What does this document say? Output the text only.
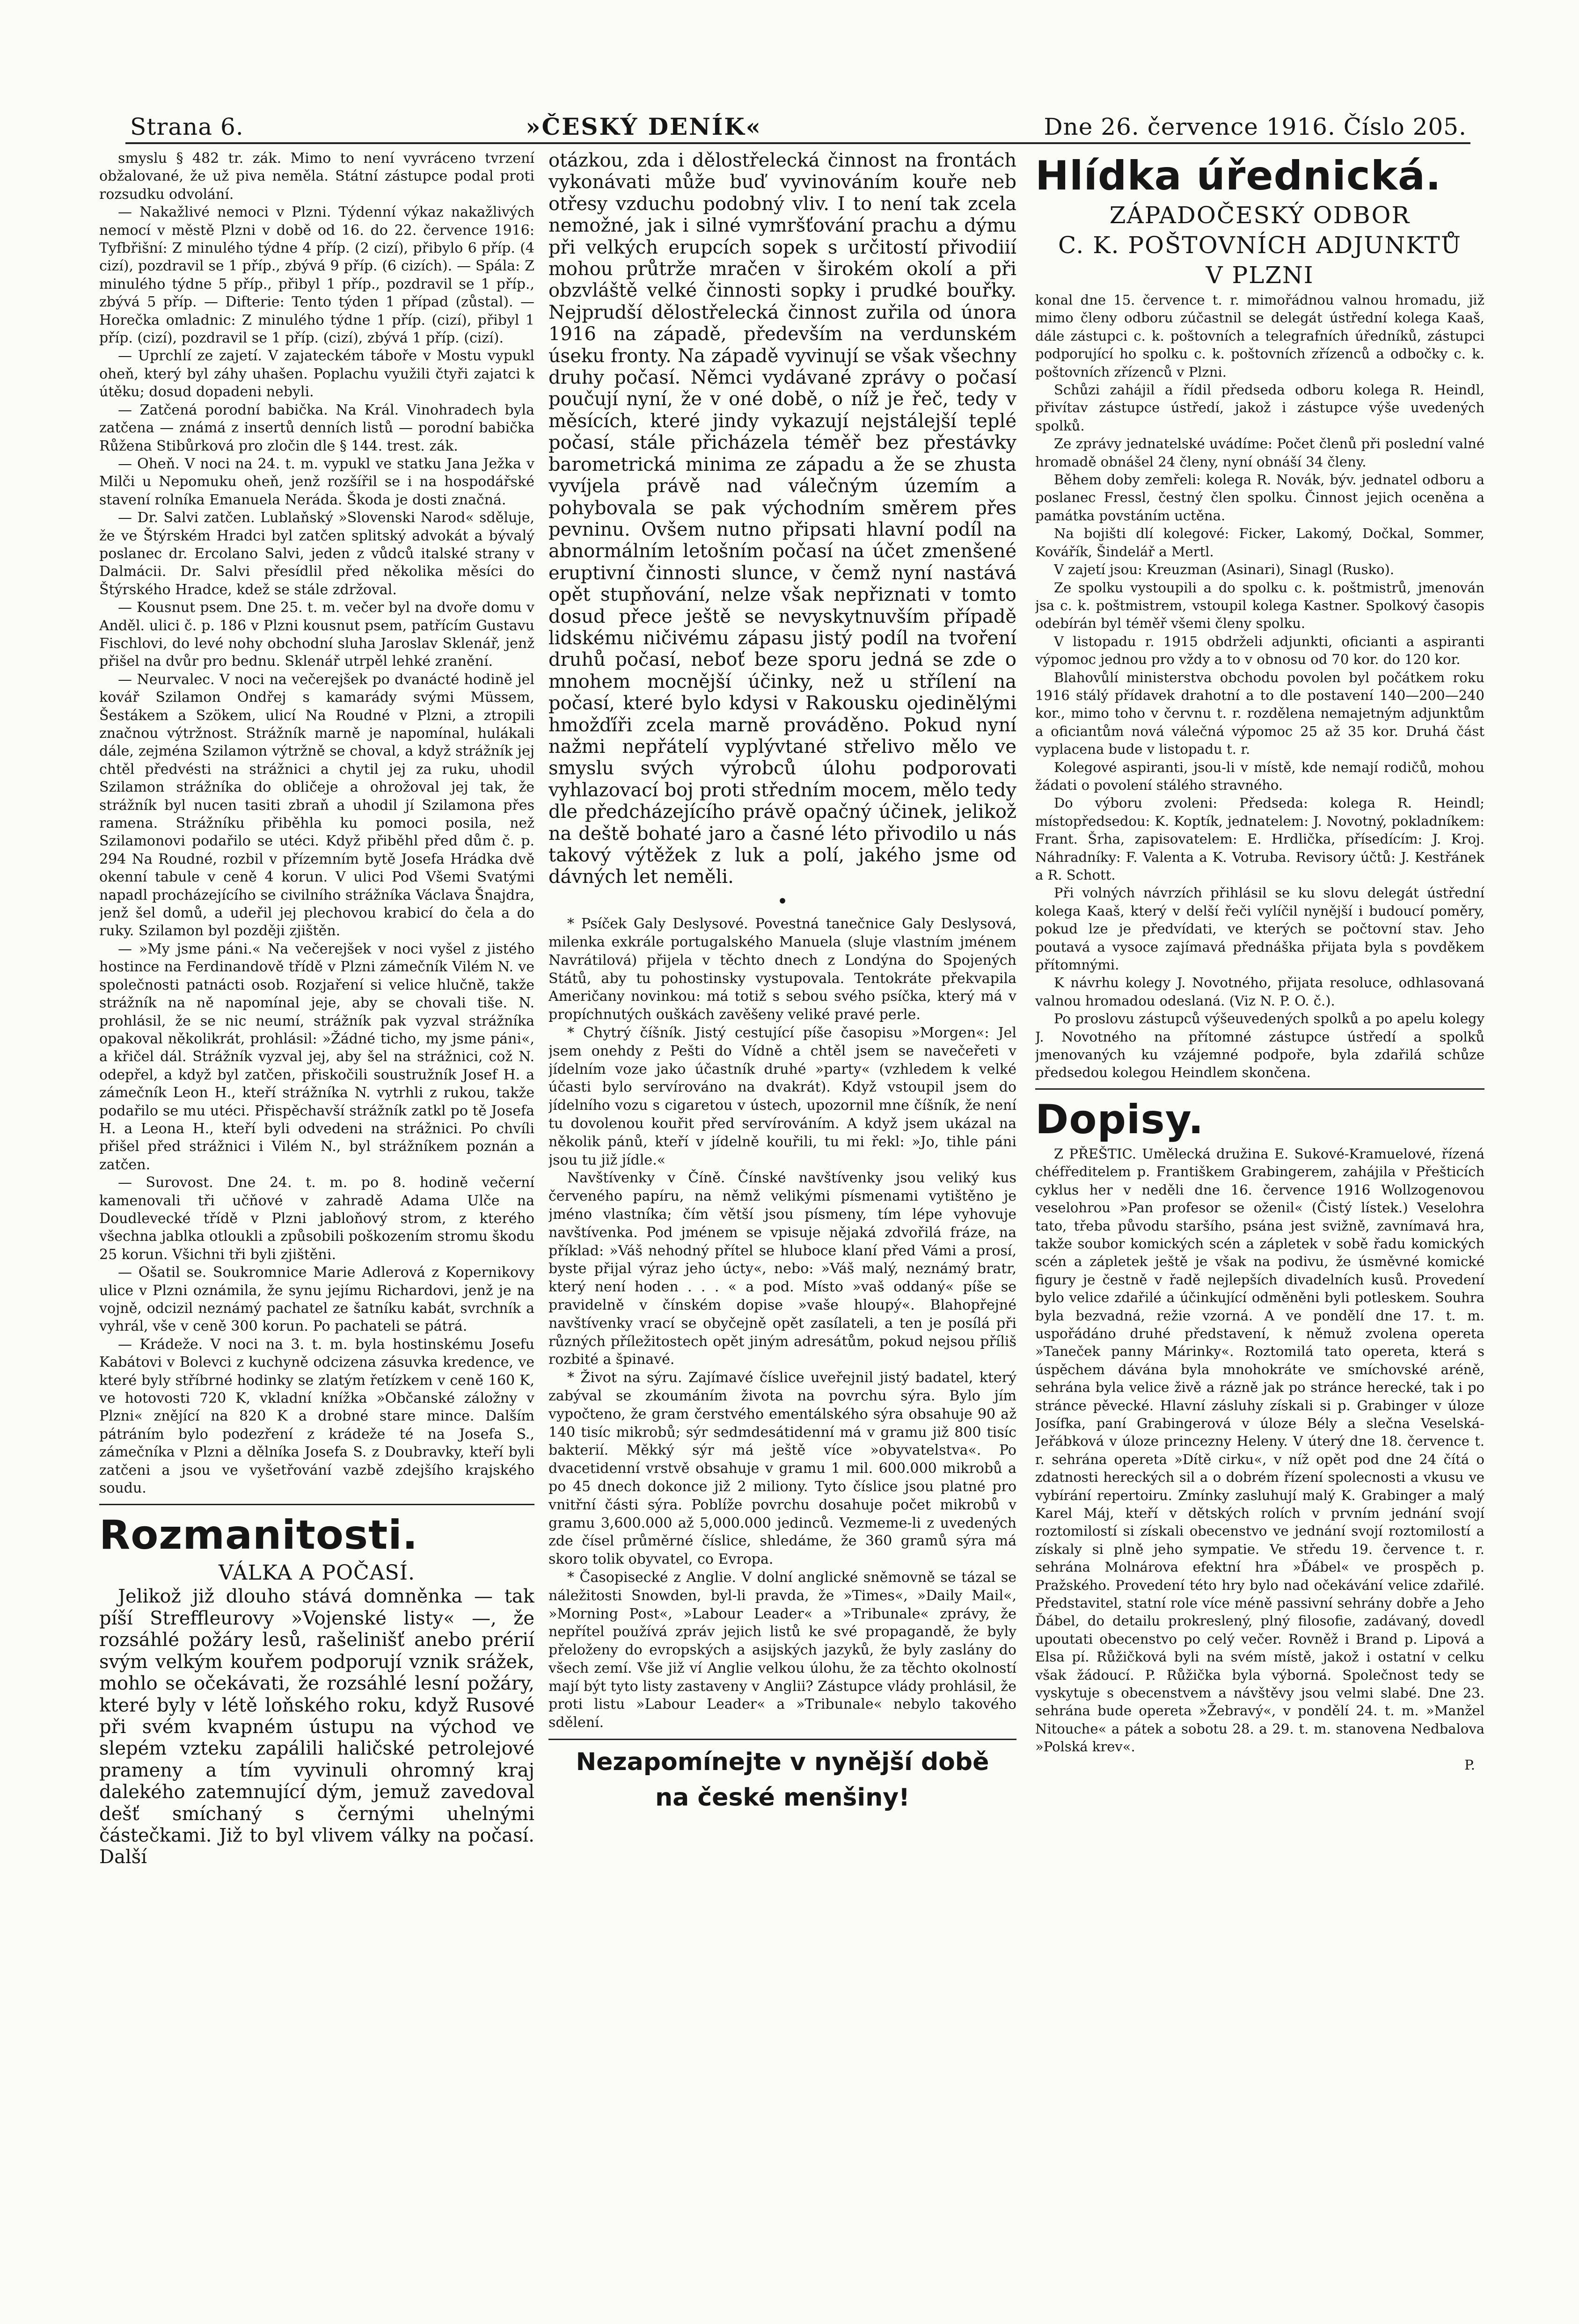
Strana 6.	»ČESKÝ DENÍK«	Dne 26. července 1916. Číslo 205.

smyslu § 482 tr. zák. Mimo to není vyvráceno tvrzení obžalované, že už piva neměla. Státní zástupce podal proti rozsudku odvolání.

— Nakažlivé nemoci v Plzni. Týdenní výkaz nakažlivých nemocí v městě Plzni v době od 16. do 22. července 1916: Tyfbřišní: Z minulého týdne 4 příp. (2 cizí), přibylo 6 příp. (4 cizí), pozdravil se 1 příp., zbývá 9 příp. (6 cizích). — Spála: Z minulého týdne 5 příp., přibyl 1 příp., pozdravil se 1 příp., zbývá 5 příp. — Difterie: Tento týden 1 případ (zůstal). — Horečka omladnic: Z minulého týdne 1 příp. (cizí), přibyl 1 příp. (cizí), pozdravil se 1 příp. (cizí), zbývá 1 příp. (cizí).

— Uprchlí ze zajetí. V zajateckém táboře v Mostu vypukl oheň, který byl záhy uhašen. Poplachu využili čtyři zajatci k útěku; dosud dopadeni nebyli.

— Zatčená porodní babička. Na Král. Vinohradech byla zatčena — známá z insertů denních listů — porodní babička Růžena Stibůrková pro zločin dle § 144. trest. zák.

— Oheň. V noci na 24. t. m. vypukl ve statku Jana Ježka v Milči u Nepomuku oheň, jenž rozšířil se i na hospodářské stavení rolníka Emanuela Neráda. Škoda je dosti značná.

— Dr. Salvi zatčen. Lublaňský »Slovenski Narod« sděluje, že ve Štýrském Hradci byl zatčen splitský advokát a bývalý poslanec dr. Ercolano Salvi, jeden z vůdců italské strany v Dalmácii. Dr. Salvi přesídlil před několika měsíci do Štýrského Hradce, kdež se stále zdržoval.

— Kousnut psem. Dne 25. t. m. večer byl na dvoře domu v Anděl. ulici č. p. 186 v Plzni kousnut psem, patřícím Gustavu Fischlovi, do levé nohy obchodní sluha Jaroslav Sklenář, jenž přišel na dvůr pro bednu. Sklenář utrpěl lehké zranění.

— Neurvalec. V noci na večerejšek po dvanácté hodině jel kovář Szilamon Ondřej s kamarády svými Müssem, Šestákem a Szökem, ulicí Na Roudné v Plzni, a ztropili značnou výtržnost. Strážník marně je napomínal, hulákali dále, zejména Szilamon výtržně se choval, a když strážník jej chtěl předvésti na strážnici a chytil jej za ruku, uhodil Szilamon strážníka do obličeje a ohrožoval jej tak, že strážník byl nucen tasiti zbraň a uhodil jí Szilamona přes ramena. Strážníku přiběhla ku pomoci posila, než Szilamonovi podařilo se utéci. Když přiběhl před dům č. p. 294 Na Roudné, rozbil v přízemním bytě Josefa Hrádka dvě okenní tabule v ceně 4 korun. V ulici Pod Všemi Svatými napadl procházejícího se civilního strážníka Václava Šnajdra, jenž šel domů, a udeřil jej plechovou krabicí do čela a do ruky. Szilamon byl později zjištěn.

— »My jsme páni.« Na večerejšek v noci vyšel z jistého hostince na Ferdinandově třídě v Plzni zámečník Vilém N. ve společnosti patnácti osob. Rozjaření si velice hlučně, takže strážník na ně napomínal jeje, aby se chovali tiše. N. prohlásil, že se nic neumí, strážník pak vyzval strážníka opakoval několikrát, prohlásil: »Žádné ticho, my jsme páni«, a křičel dál. Strážník vyzval jej, aby šel na strážnici, což N. odepřel, a když byl zatčen, přiskočili soustružník Josef H. a zámečník Leon H., kteří strážníka N. vytrhli z rukou, takže podařilo se mu utéci. Přispěchavší strážník zatkl po tě Josefa H. a Leona H., kteří byli odvedeni na strážnici. Po chvíli přišel před strážnici i Vilém N., byl strážníkem poznán a zatčen.

— Surovost. Dne 24. t. m. po 8. hodině večerní kamenovali tři učňové v zahradě Adama Ulče na Doudlevecké třídě v Plzni jabloňový strom, z kterého všechna jablka otloukli a způsobili poškozením stromu škodu 25 korun. Všichni tři byli zjištěni.

— Ošatil se. Soukromnice Marie Adlerová z Kopernikovy ulice v Plzni oznámila, že synu jejímu Richardovi, jenž je na vojně, odcizil neznámý pachatel ze šatníku kabát, svrchník a vyhrál, vše v ceně 300 korun. Po pachateli se pátrá.

— Krádeže. V noci na 3. t. m. byla hostinskému Josefu Kabátovi v Bolevci z kuchyně odcizena zásuvka kredence, ve které byly stříbrné hodinky se zlatým řetízkem v ceně 160 K, ve hotovosti 720 K, vkladní knížka »Občanské záložny v Plzni« znějící na 820 K a drobné stare mince. Dalším pátráním bylo podezření z krádeže té na Josefa S., zámečníka v Plzni a dělníka Josefa S. z Doubravky, kteří byli zatčeni a jsou ve vyšetřování vazbě zdejšího krajského soudu.

Rozmanitosti.
VÁLKA A POČASÍ.

Jelikož již dlouho stává domněnka — tak píší Streffleurovy »Vojenské listy« —, že rozsáhlé požáry lesů, rašelinišť anebo prérií svým velkým kouřem podporují vznik srážek, mohlo se očekávati, že rozsáhlé lesní požáry, které byly v létě loňského roku, když Rusové při svém kvapném ústupu na východ ve slepém vzteku zapálili haličské petrolejové prameny a tím vyvinuli ohromný kraj dalekého zatemnující dým, jemuž zavedoval dešť smíchaný s černými uhelnými částečkami. Již to byl vlivem války na počasí. Další

otázkou, zda i dělostřelecká činnost na frontách vykonávati může buď vyvinováním kouře neb otřesy vzduchu podobný vliv. I to není tak zcela nemožné, jak i silné vymršťování prachu a dýmu při velkých erupcích sopek s určitostí přivodiií mohou průtrže mračen v širokém okolí a při obzvláště velké činnosti sopky i prudké bouřky. Nejprudší dělostřelecká činnost zuřila od února 1916 na západě, především na verdunském úseku fronty. Na západě vyvinují se však všechny druhy počasí. Němci vydávané zprávy o počasí poučují nyní, že v oné době, o níž je řeč, tedy v měsících, které jindy vykazují nejstálejší teplé počasí, stále přicházela téměř bez přestávky barometrická minima ze západu a že se zhusta vyvíjela právě nad válečným územím a pohybovala se pak východním směrem přes pevninu. Ovšem nutno připsati hlavní podíl na abnormálním letošním počasí na účet zmenšené eruptivní činnosti slunce, v čemž nyní nastává opět stupňování, nelze však nepřiznati v tomto dosud přece ještě se nevyskytnuvším případě lidskému ničivému zápasu jistý podíl na tvoření druhů počasí, neboť beze sporu jedná se zde o mnohem mocnější účinky, než u střílení na počasí, které bylo kdysi v Rakousku ojedinělými hmožďíři zcela marně prováděno. Pokud nyní nažmi nepřátelí vyplývtané střelivo mělo ve smyslu svých výrobců úlohu podporovati vyhlazovací boj proti středním mocem, mělo tedy dle předcházejícího právě opačný účinek, jelikož na deště bohaté jaro a časné léto přivodilo u nás takový výtěžek z luk a polí, jakého jsme od dávných let neměli.

•

* Psíček Galy Deslysové. Povestná tanečnice Galy Deslysová, milenka exkrále portugalského Manuela (sluje vlastním jménem Navrátilová) přijela v těchto dnech z Londýna do Spojených Států, aby tu pohostinsky vystupovala. Tentokráte překvapila Američany novinkou: má totiž s sebou svého psíčka, který má v propíchnutých ouškách zavěšeny veliké pravé perle.

* Chytrý číšník. Jistý cestující píše časopisu »Morgen«: Jel jsem onehdy z Pešti do Vídně a chtěl jsem se navečeřeti v jídelním voze jako účastník druhé »party« (vzhledem k velké účasti bylo servírováno na dvakrát). Když vstoupil jsem do jídelního vozu s cigaretou v ústech, upozornil mne číšník, že není tu dovolenou kouřit před servírováním. A když jsem ukázal na několik pánů, kteří v jídelně kouřili, tu mi řekl: »Jo, tihle páni jsou tu již jídle.«

Navštívenky v Číně. Čínské navštívenky jsou veliký kus červeného papíru, na němž velikými písmenami vytištěno je jméno vlastníka; čím větší jsou písmeny, tím lépe vyhovuje navštívenka. Pod jménem se vpisuje nějaká zdvořilá fráze, na příklad: »Váš nehodný přítel se hluboce klaní před Vámi a prosí, byste přijal výraz jeho úcty«, nebo: »Váš malý, neznámý bratr, který není hoden . . . « a pod. Místo »vaš oddaný« píše se pravidelně v čínském dopise »vaše hloupý«. Blahopřejné navštívenky vrací se obyčejně opět zasílateli, a ten je posílá při různých příležitostech opět jiným adresátům, pokud nejsou příliš rozbité a špinavé.

* Život na sýru. Zajímavé číslice uveřejnil jistý badatel, který zabýval se zkoumáním života na povrchu sýra. Bylo jím vypočteno, že gram čerstvého ementálského sýra obsahuje 90 až 140 tisíc mikrobů; sýr sedmdesátidenní má v gramu již 800 tisíc bakterií. Měkký sýr má ještě více »obyvatelstva«. Po dvacetidenní vrstvě obsahuje v gramu 1 mil. 600.000 mikrobů a po 45 dnech dokonce již 2 miliony. Tyto číslice jsou platné pro vnitřní části sýra. Poblíže povrchu dosahuje počet mikrobů v gramu 3,600.000 až 5,000.000 jedinců. Vezmeme-li z uvedených zde čísel průměrné číslice, shledáme, že 360 gramů sýra má skoro tolik obyvatel, co Evropa.

* Časopisecké z Anglie. V dolní anglické sněmovně se tázal se náležitosti Snowden, byl-li pravda, že »Times«, »Daily Mail«, »Morning Post«, »Labour Leader« a »Tribunale« zprávy, že nepřítel používá zpráv jejich listů ke své propagandě, že byly přeloženy do evropských a asijských jazyků, že byly zaslány do všech zemí. Vše již ví Anglie velkou úlohu, že za těchto okolností mají být tyto listy zastaveny v Anglii? Zástupce vlády prohlásil, že proti listu »Labour Leader« a »Tribunale« nebylo takového sdělení.

Nezapomínejte v nynější době
na české menšiny!
Hlídka úřednická.
ZÁPADOČESKÝ ODBOR
C. K. POŠTOVNÍCH ADJUNKTŮ
V PLZNI

konal dne 15. července t. r. mimořádnou valnou hromadu, již mimo členy odboru zúčastnil se delegát ústřední kolega Kaaš, dále zástupci c. k. poštovních a telegrafních úředníků, zástupci podporující ho spolku c. k. poštovních zřízenců a odbočky c. k. poštovních zřízenců v Plzni.

Schůzi zahájil a řídil předseda odboru kolega R. Heindl, přivítav zástupce ústředí, jakož i zástupce výše uvedených spolků.

Ze zprávy jednatelské uvádíme: Počet členů při poslední valné hromadě obnášel 24 členy, nyní obnáší 34 členy.

Během doby zemřeli: kolega R. Novák, býv. jednatel odboru a poslanec Fressl, čestný člen spolku. Činnost jejich oceněna a památka povstáním uctěna.

Na bojišti dlí kolegové: Ficker, Lakomý, Dočkal, Sommer, Kovářík, Šindelář a Mertl.

V zajetí jsou: Kreuzman (Asinari), Sinagl (Rusko).

Ze spolku vystoupili a do spolku c. k. poštmistrů, jmenován jsa c. k. poštmistrem, vstoupil kolega Kastner. Spolkový časopis odebírán byl téměř všemi členy spolku.

V listopadu r. 1915 obdrželi adjunkti, oficianti a aspiranti výpomoc jednou pro vždy a to v obnosu od 70 kor. do 120 kor.

Blahovůlí ministerstva obchodu povolen byl počátkem roku 1916 stálý přídavek drahotní a to dle postavení 140—200—240 kor., mimo toho v červnu t. r. rozdělena nemajetným adjunktům a oficiantům nová válečná výpomoc 25 až 35 kor. Druhá část vyplacena bude v listopadu t. r.

Kolegové aspiranti, jsou-li v místě, kde nemají rodičů, mohou žádati o povolení stálého stravného.

Do výboru zvoleni: Předseda: kolega R. Heindl; místopředsedou: K. Koptík, jednatelem: J. Novotný, pokladníkem: Frant. Šrha, zapisovatelem: E. Hrdlička, přísedícím: J. Kroj. Náhradníky: F. Valenta a K. Votruba. Revisory účtů: J. Kestřánek a R. Schott.

Při volných návrzích přihlásil se ku slovu delegát ústřední kolega Kaaš, který v delší řeči vylíčil nynější i budoucí poměry, pokud lze je předvídati, ve kterých se počtovní stav. Jeho poutavá a vysoce zajímavá přednáška přijata byla s povděkem přítomnými.

K návrhu kolegy J. Novotného, přijata resoluce, odhlasovaná valnou hromadou odeslaná. (Viz N. P. O. č.).

Po proslovu zástupců výšeuvedených spolků a po apelu kolegy J. Novotného na přítomné zástupce ústředí a spolků jmenovaných ku vzájemné podpoře, byla zdařilá schůze předsedou kolegou Heindlem skončena.

Dopisy.

Z PŘEŠTIC. Umělecká družina E. Sukové-Kramuelové, řízená chéfředitelem p. Františkem Grabingerem, zahájila v Přešticích cyklus her v neděli dne 16. července 1916 Wollzogenovou veselohrou »Pan profesor se oženil« (Čistý lístek.) Veselohra tato, třeba původu staršího, psána jest svižně, zavnímavá hra, takže soubor komických scén a zápletek v sobě řadu komických scén a zápletek ještě je však na podivu, že úsměvné komické figury je čestně v řadě nejlepších divadelních kusů. Provedení bylo velice zdařilé a účinkující odměněni byli potleskem. Souhra byla bezvadná, režie vzorná. A ve pondělí dne 17. t. m. uspořádáno druhé představení, k němuž zvolena opereta »Taneček panny Márinky«. Roztomilá tato opereta, která s úspěchem dávána byla mnohokráte ve smíchovské aréně, sehrána byla velice živě a rázně jak po stránce herecké, tak i po stránce pěvecké. Hlavní zásluhy získali si p. Grabinger v úloze Josífka, paní Grabingerová v úloze Bély a slečna Veselská-Jeřábková v úloze princezny Heleny. V úterý dne 18. července t. r. sehrána opereta »Dítě cirku«, v níž opět pod dne 24 čítá o zdatnosti hereckých sil a o dobrém řízení spolecnosti a vkusu ve vybírání repertoiru. Zmínky zasluhují malý K. Grabinger a malý Karel Máj, kteří v dětských rolích v prvním jednání svojí roztomilostí si získali obecenstvo ve jednání svojí roztomilostí a získaly si plně jeho sympatie. Ve středu 19. července t. r. sehrána Molnárova efektní hra »Ďábel« ve prospěch p. Pražského. Provedení této hry bylo nad očekávání velice zdařilé. Představitel, statní role více méně passivní sehrány dobře a Jeho Ďábel, do detailu prokreslený, plný filosofie, zadávaný, dovedl upoutati obecenstvo po celý večer. Rovněž i Brand p. Lipová a Elsa pí. Růžičková byli na svém místě, jakož i ostatní v celku však žádoucí. P. Růžička byla výborná. Společnost tedy se vyskytuje s obecenstvem a návštěvy jsou velmi slabé. Dne 23. sehrána bude opereta »Žebravý«, v pondělí 24. t. m. »Manžel Nitouche« a pátek a sobotu 28. a 29. t. m. stanovena Nedbalova »Polská krev«.

P.
